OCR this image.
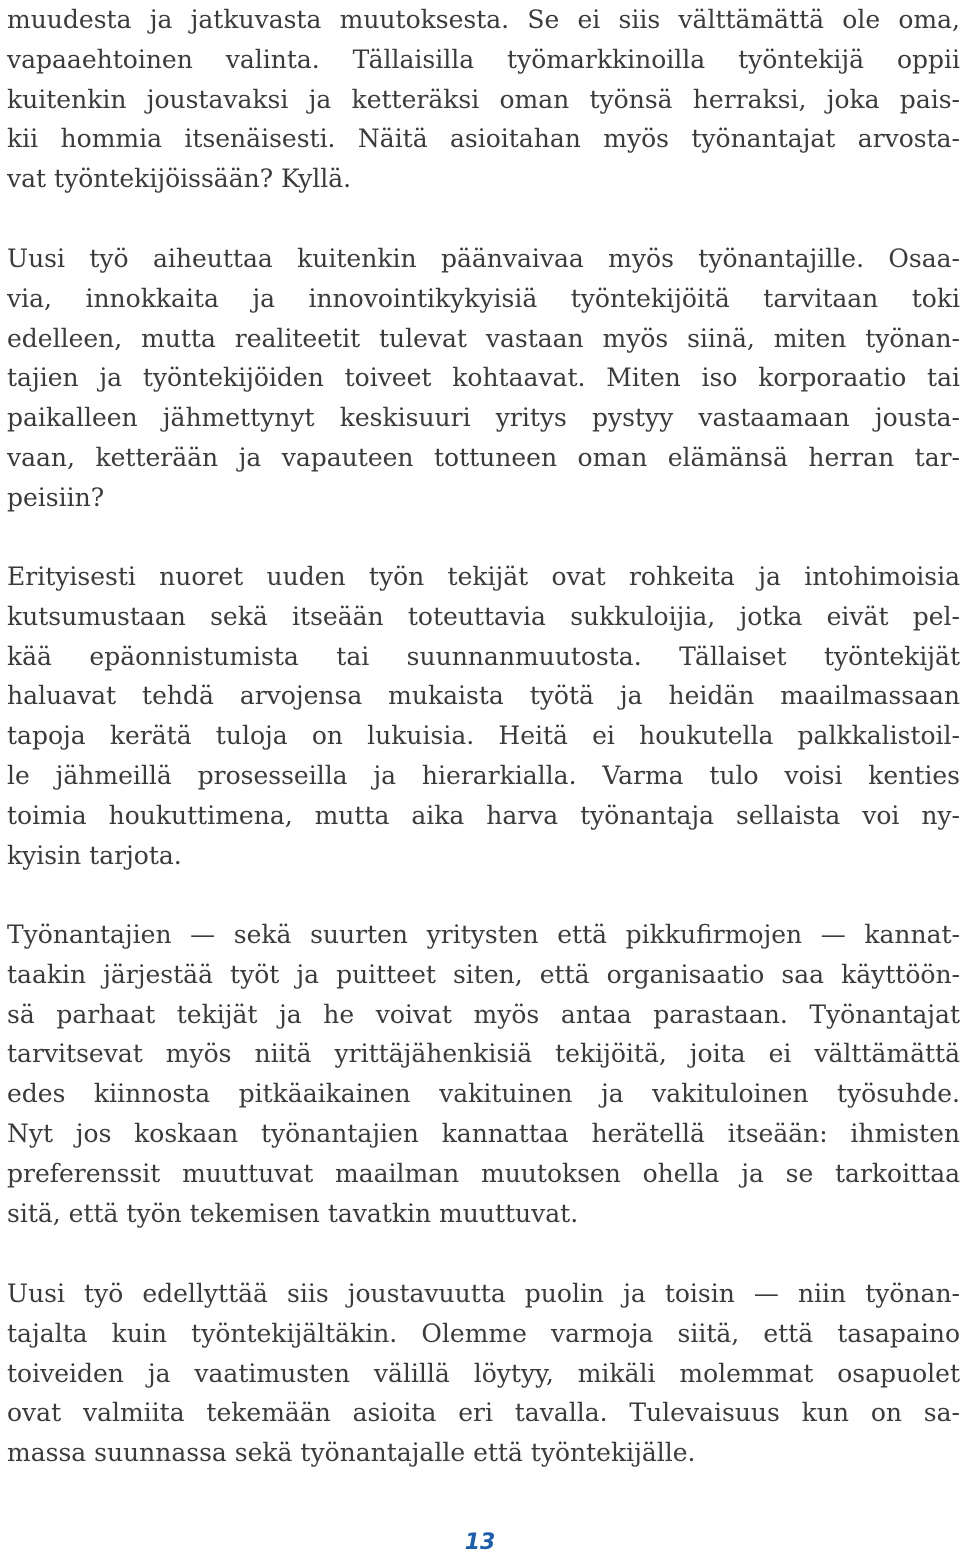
muudesta ja jatkuvasta muutoksesta. Se ei siis välttämättä ole oma,
vapaaehtoinen valinta. Tällaisilla työmarkkinoilla työntekijä oppii
kuitenkin joustavaksi ja ketteräksi oman työnsä herraksi, joka pais-
kii hommia itsenäisesti. Näitä asioitahan myös työnantajat arvosta-
vat työntekijöissään? Kyllä.
Uusi työ aiheuttaa kuitenkin päänvaivaa myös työnantajille. Osaa-
via, innokkaita ja innovointikykyisiä työntekijöitä tarvitaan toki
edelleen, mutta realiteetit tulevat vastaan myös siinä, miten työnan-
tajien ja työntekijöiden toiveet kohtaavat. Miten iso korporaatio tai
paikalleen jähmettynyt keskisuuri yritys pystyy vastaamaan jousta-
vaan, ketterään ja vapauteen tottuneen oman elämänsä herran tar-
peisiin?
Erityisesti nuoret uuden työn tekijät ovat rohkeita ja intohimoisia
kutsumustaan sekä itseään toteuttavia sukkuloijia, jotka eivät pel-
kää epäonnistumista tai suunnanmuutosta. Tällaiset työntekijät
haluavat tehdä arvojensa mukaista työtä ja heidän maailmassaan
tapoja kerätä tuloja on lukuisia. Heitä ei houkutella palkkalistoil-
le jähmeillä prosesseilla ja hierarkialla. Varma tulo voisi kenties
toimia houkuttimena, mutta aika harva työnantaja sellaista voi ny-
kyisin tarjota.
Työnantajien — sekä suurten yritysten että pikkufirmojen — kannat-
taakin järjestää työt ja puitteet siten, että organisaatio saa käyttöön-
sä parhaat tekijät ja he voivat myös antaa parastaan. Työnantajat
tarvitsevat myös niitä yrittäjähenkisiä tekijöitä, joita ei välttämättä
edes kiinnosta pitkäaikainen vakituinen ja vakituloinen työsuhde.
Nyt jos koskaan työnantajien kannattaa herätellä itseään: ihmisten
preferenssit muuttuvat maailman muutoksen ohella ja se tarkoittaa
sitä, että työn tekemisen tavatkin muuttuvat.
Uusi työ edellyttää siis joustavuutta puolin ja toisin — niin työnan-
tajalta kuin työntekijältäkin. Olemme varmoja siitä, että tasapaino
toiveiden ja vaatimusten välillä löytyy, mikäli molemmat osapuolet
ovat valmiita tekemään asioita eri tavalla. Tulevaisuus kun on sa-
massa suunnassa sekä työnantajalle että työntekijälle.
13
